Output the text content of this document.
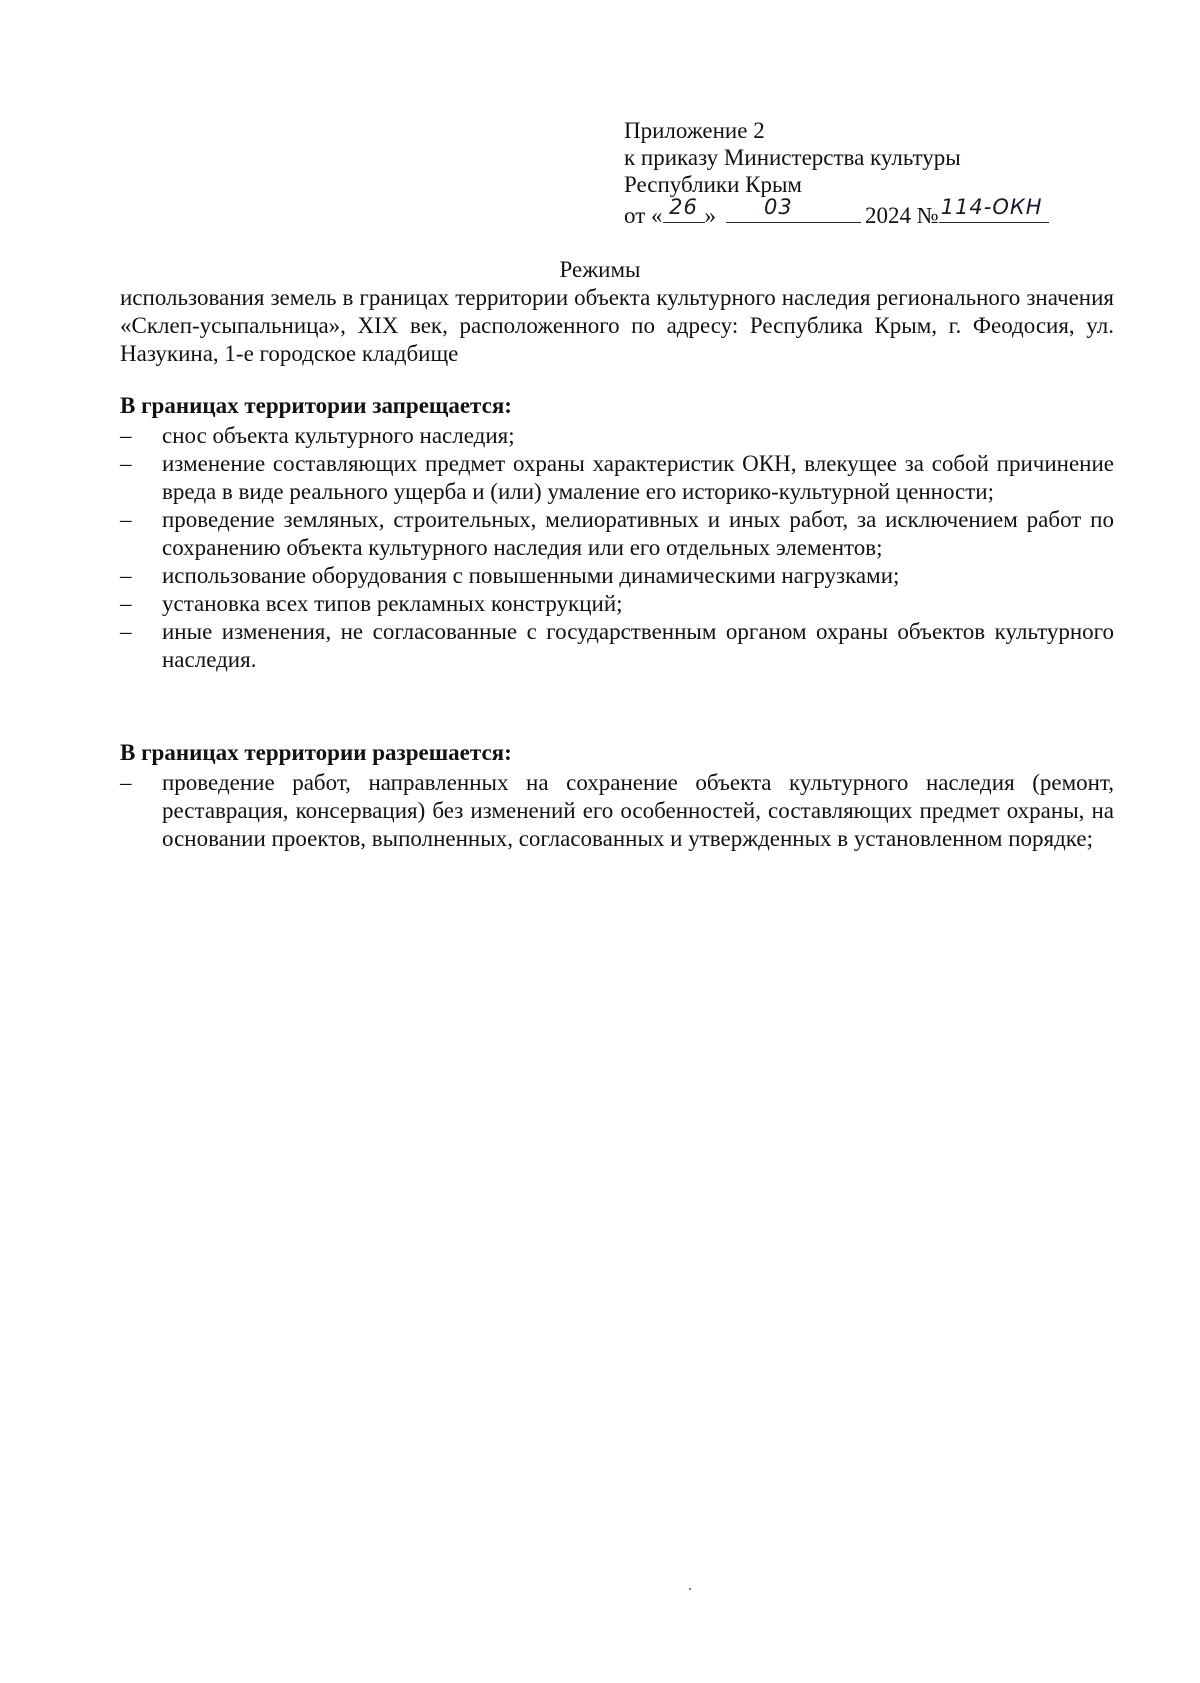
Приложение 2
к приказу Министерства культуры
Республики Крым
от « 26 » 03	2024 № 114-ОКН
Режимы
использования земель в границах территории объекта культурного наследия регионального значения «Склеп-усыпальница», XIX век, расположенного по адресу: Республика Крым, г. Феодосия, ул. Назукина, 1-е городское кладбище
В границах территории запрещается:
– снос объекта культурного наследия;
– изменение составляющих предмет охраны характеристик ОКН, влекущее за собой причинение вреда в виде реального ущерба и (или) умаление его историко-культурной ценности;
– проведение земляных, строительных, мелиоративных и иных работ, за исключением работ по сохранению объекта культурного наследия или его отдельных элементов;
– использование оборудования с повышенными динамическими нагрузками;
– установка всех типов рекламных конструкций;
– иные изменения, не согласованные с государственным органом охраны объектов культурного наследия.
В границах территории разрешается:
– проведение работ, направленных на сохранение объекта культурного наследия (ремонт, реставрация, консервация) без изменений его особенностей, составляющих предмет охраны, на основании проектов, выполненных, согласованных и утвержденных в установленном порядке;
